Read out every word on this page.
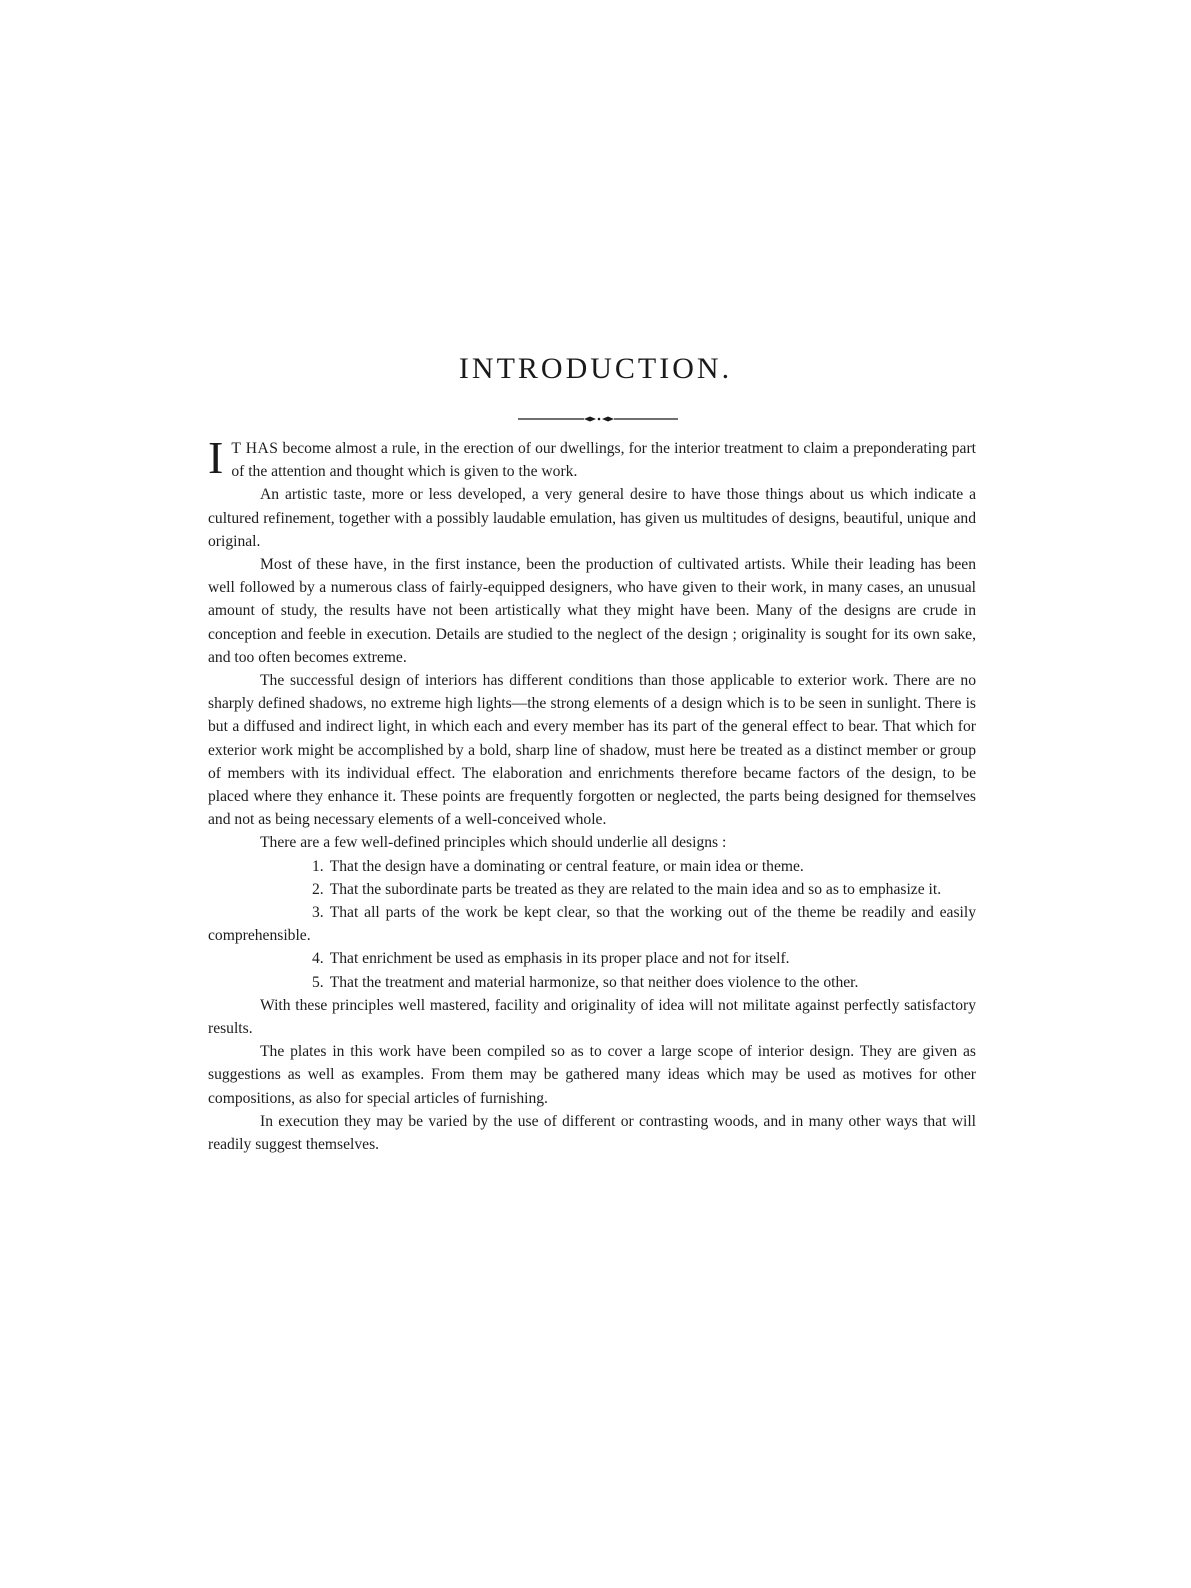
INTRODUCTION.

I T HAS become almost a rule, in the erection of our dwellings, for the interior treatment to claim a preponderating part of the attention and thought which is given to the work.

An artistic taste, more or less developed, a very general desire to have those things about us which indicate a cultured refinement, together with a possibly laudable emulation, has given us multitudes of designs, beautiful, unique and original.

Most of these have, in the first instance, been the production of cultivated artists. While their leading has been well followed by a numerous class of fairly-equipped designers, who have given to their work, in many cases, an unusual amount of study, the results have not been artistically what they might have been. Many of the designs are crude in conception and feeble in execution. Details are studied to the neglect of the design ; originality is sought for its own sake, and too often becomes extreme.

The successful design of interiors has different conditions than those applicable to exterior work. There are no sharply defined shadows, no extreme high lights—the strong elements of a design which is to be seen in sunlight. There is but a diffused and indirect light, in which each and every member has its part of the general effect to bear. That which for exterior work might be accomplished by a bold, sharp line of shadow, must here be treated as a distinct member or group of members with its individual effect. The elaboration and enrichments therefore became factors of the design, to be placed where they enhance it. These points are frequently forgotten or neglected, the parts being designed for themselves and not as being necessary elements of a well-conceived whole.

There are a few well-defined principles which should underlie all designs :

1. That the design have a dominating or central feature, or main idea or theme.

2. That the subordinate parts be treated as they are related to the main idea and so as to emphasize it.

3. That all parts of the work be kept clear, so that the working out of the theme be readily and easily comprehensible.

4. That enrichment be used as emphasis in its proper place and not for itself.

5. That the treatment and material harmonize, so that neither does violence to the other.

With these principles well mastered, facility and originality of idea will not militate against perfectly satisfactory results.

The plates in this work have been compiled so as to cover a large scope of interior design. They are given as suggestions as well as examples. From them may be gathered many ideas which may be used as motives for other compositions, as also for special articles of furnishing.

In execution they may be varied by the use of different or contrasting woods, and in many other ways that will readily suggest themselves.
